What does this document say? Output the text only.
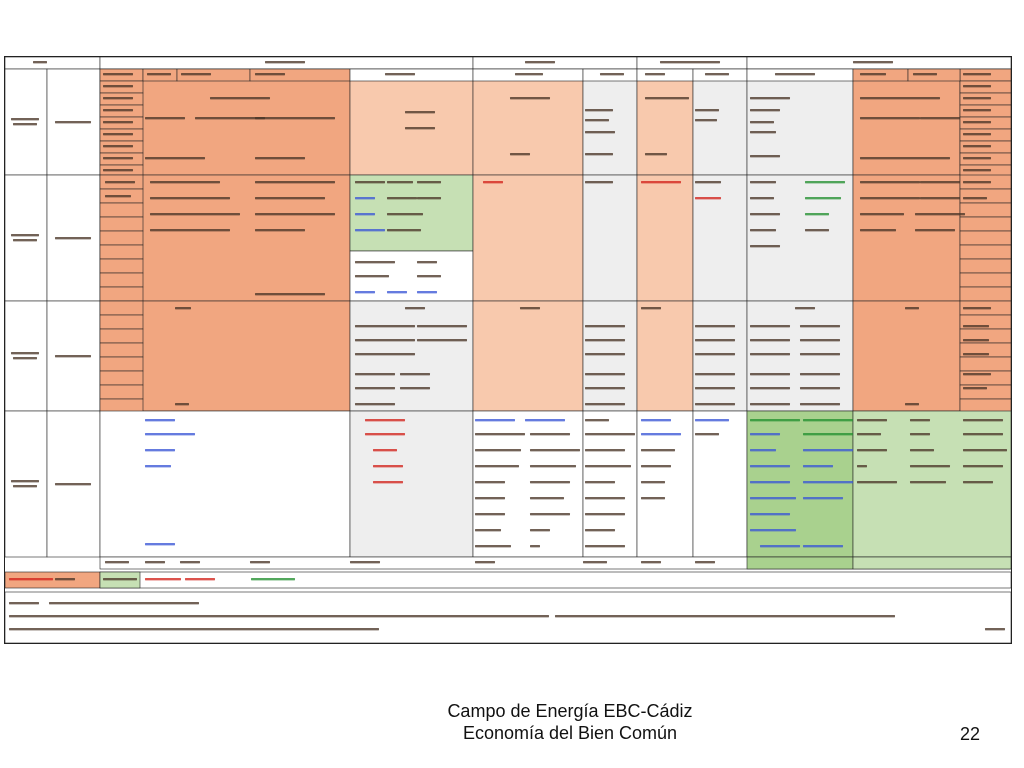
Campo de Energía EBC-Cádiz
Economía del Bien Común	22
